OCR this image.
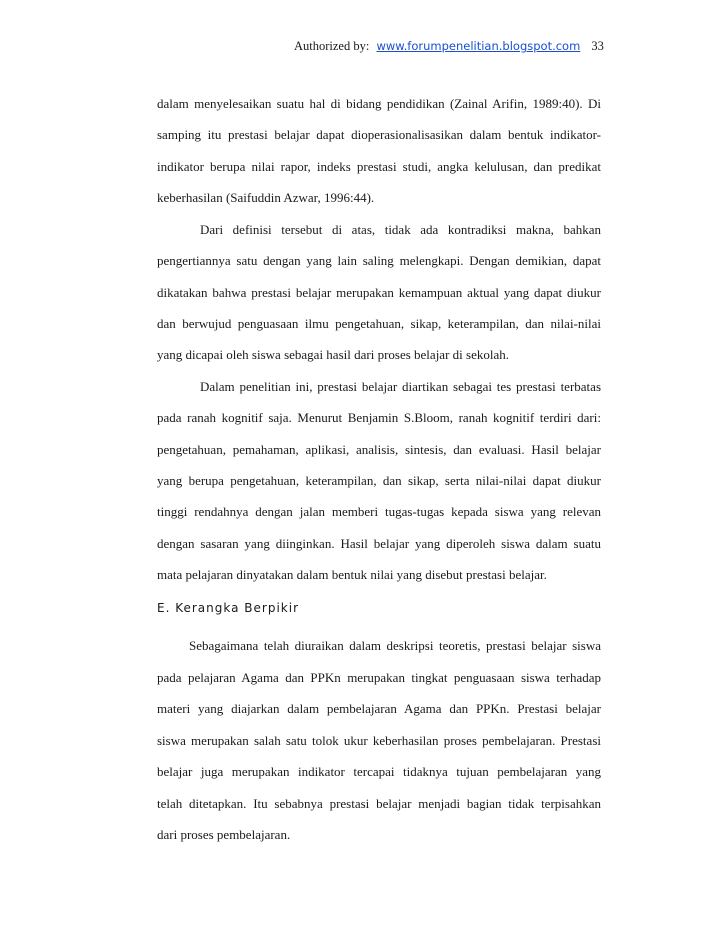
Authorized by: www.forumpenelitian.blogspot.com 33
dalam menyelesaikan suatu hal di bidang pendidikan (Zainal Arifin, 1989:40). Di
samping itu prestasi belajar dapat dioperasionalisasikan dalam bentuk indikator-
indikator berupa nilai rapor, indeks prestasi studi, angka kelulusan, dan predikat
keberhasilan (Saifuddin Azwar, 1996:44).
Dari definisi tersebut di atas, tidak ada kontradiksi makna, bahkan
pengertiannya satu dengan yang lain saling melengkapi. Dengan demikian, dapat
dikatakan bahwa prestasi belajar merupakan kemampuan aktual yang dapat diukur
dan berwujud penguasaan ilmu pengetahuan, sikap, keterampilan, dan nilai-nilai
yang dicapai oleh siswa sebagai hasil dari proses belajar di sekolah.
Dalam penelitian ini, prestasi belajar diartikan sebagai tes prestasi terbatas
pada ranah kognitif saja. Menurut Benjamin S.Bloom, ranah kognitif terdiri dari:
pengetahuan, pemahaman, aplikasi, analisis, sintesis, dan evaluasi. Hasil belajar
yang berupa pengetahuan, keterampilan, dan sikap, serta nilai-nilai dapat diukur
tinggi rendahnya dengan jalan memberi tugas-tugas kepada siswa yang relevan
dengan sasaran yang diinginkan. Hasil belajar yang diperoleh siswa dalam suatu
mata pelajaran dinyatakan dalam bentuk nilai yang disebut prestasi belajar.
E. Kerangka Berpikir
Sebagaimana telah diuraikan dalam deskripsi teoretis, prestasi belajar siswa
pada pelajaran Agama dan PPKn merupakan tingkat penguasaan siswa terhadap
materi yang diajarkan dalam pembelajaran Agama dan PPKn. Prestasi belajar
siswa merupakan salah satu tolok ukur keberhasilan proses pembelajaran. Prestasi
belajar juga merupakan indikator tercapai tidaknya tujuan pembelajaran yang
telah ditetapkan. Itu sebabnya prestasi belajar menjadi bagian tidak terpisahkan
dari proses pembelajaran.
